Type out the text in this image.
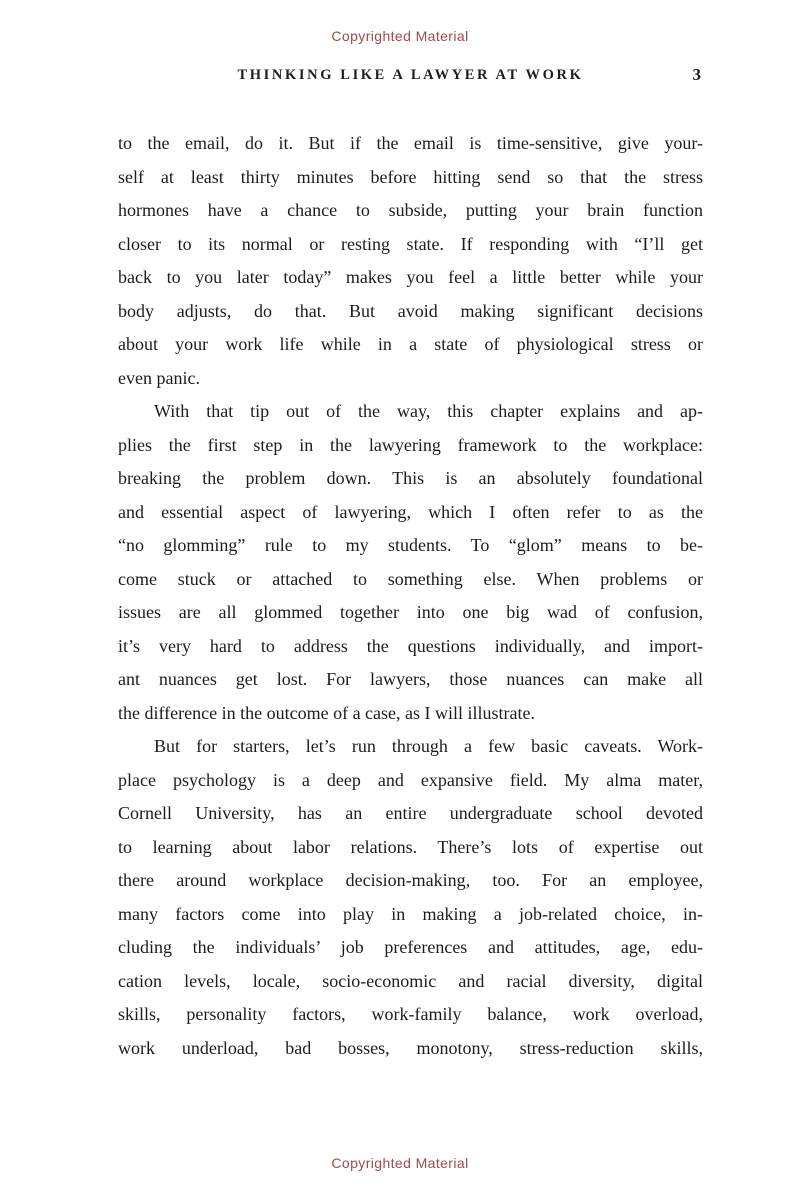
Copyrighted Material
THINKING LIKE A LAWYER AT WORK	3
to the email, do it. But if the email is time-sensitive, give your-
self at least thirty minutes before hitting send so that the stress
hormones have a chance to subside, putting your brain function
closer to its normal or resting state. If responding with “I’ll get
back to you later today” makes you feel a little better while your
body adjusts, do that. But avoid making significant decisions
about your work life while in a state of physiological stress or
even panic.
With that tip out of the way, this chapter explains and ap-
plies the first step in the lawyering framework to the workplace:
breaking the problem down. This is an absolutely foundational
and essential aspect of lawyering, which I often refer to as the
“no glomming” rule to my students. To “glom” means to be-
come stuck or attached to something else. When problems or
issues are all glommed together into one big wad of confusion,
it’s very hard to address the questions individually, and import-
ant nuances get lost. For lawyers, those nuances can make all
the difference in the outcome of a case, as I will illustrate.
But for starters, let’s run through a few basic caveats. Work-
place psychology is a deep and expansive field. My alma mater,
Cornell University, has an entire undergraduate school devoted
to learning about labor relations. There’s lots of expertise out
there around workplace decision-making, too. For an employee,
many factors come into play in making a job-related choice, in-
cluding the individuals’ job preferences and attitudes, age, edu-
cation levels, locale, socio-economic and racial diversity, digital
skills, personality factors, work-family balance, work overload,
work underload, bad bosses, monotony, stress-reduction skills,
Copyrighted Material
